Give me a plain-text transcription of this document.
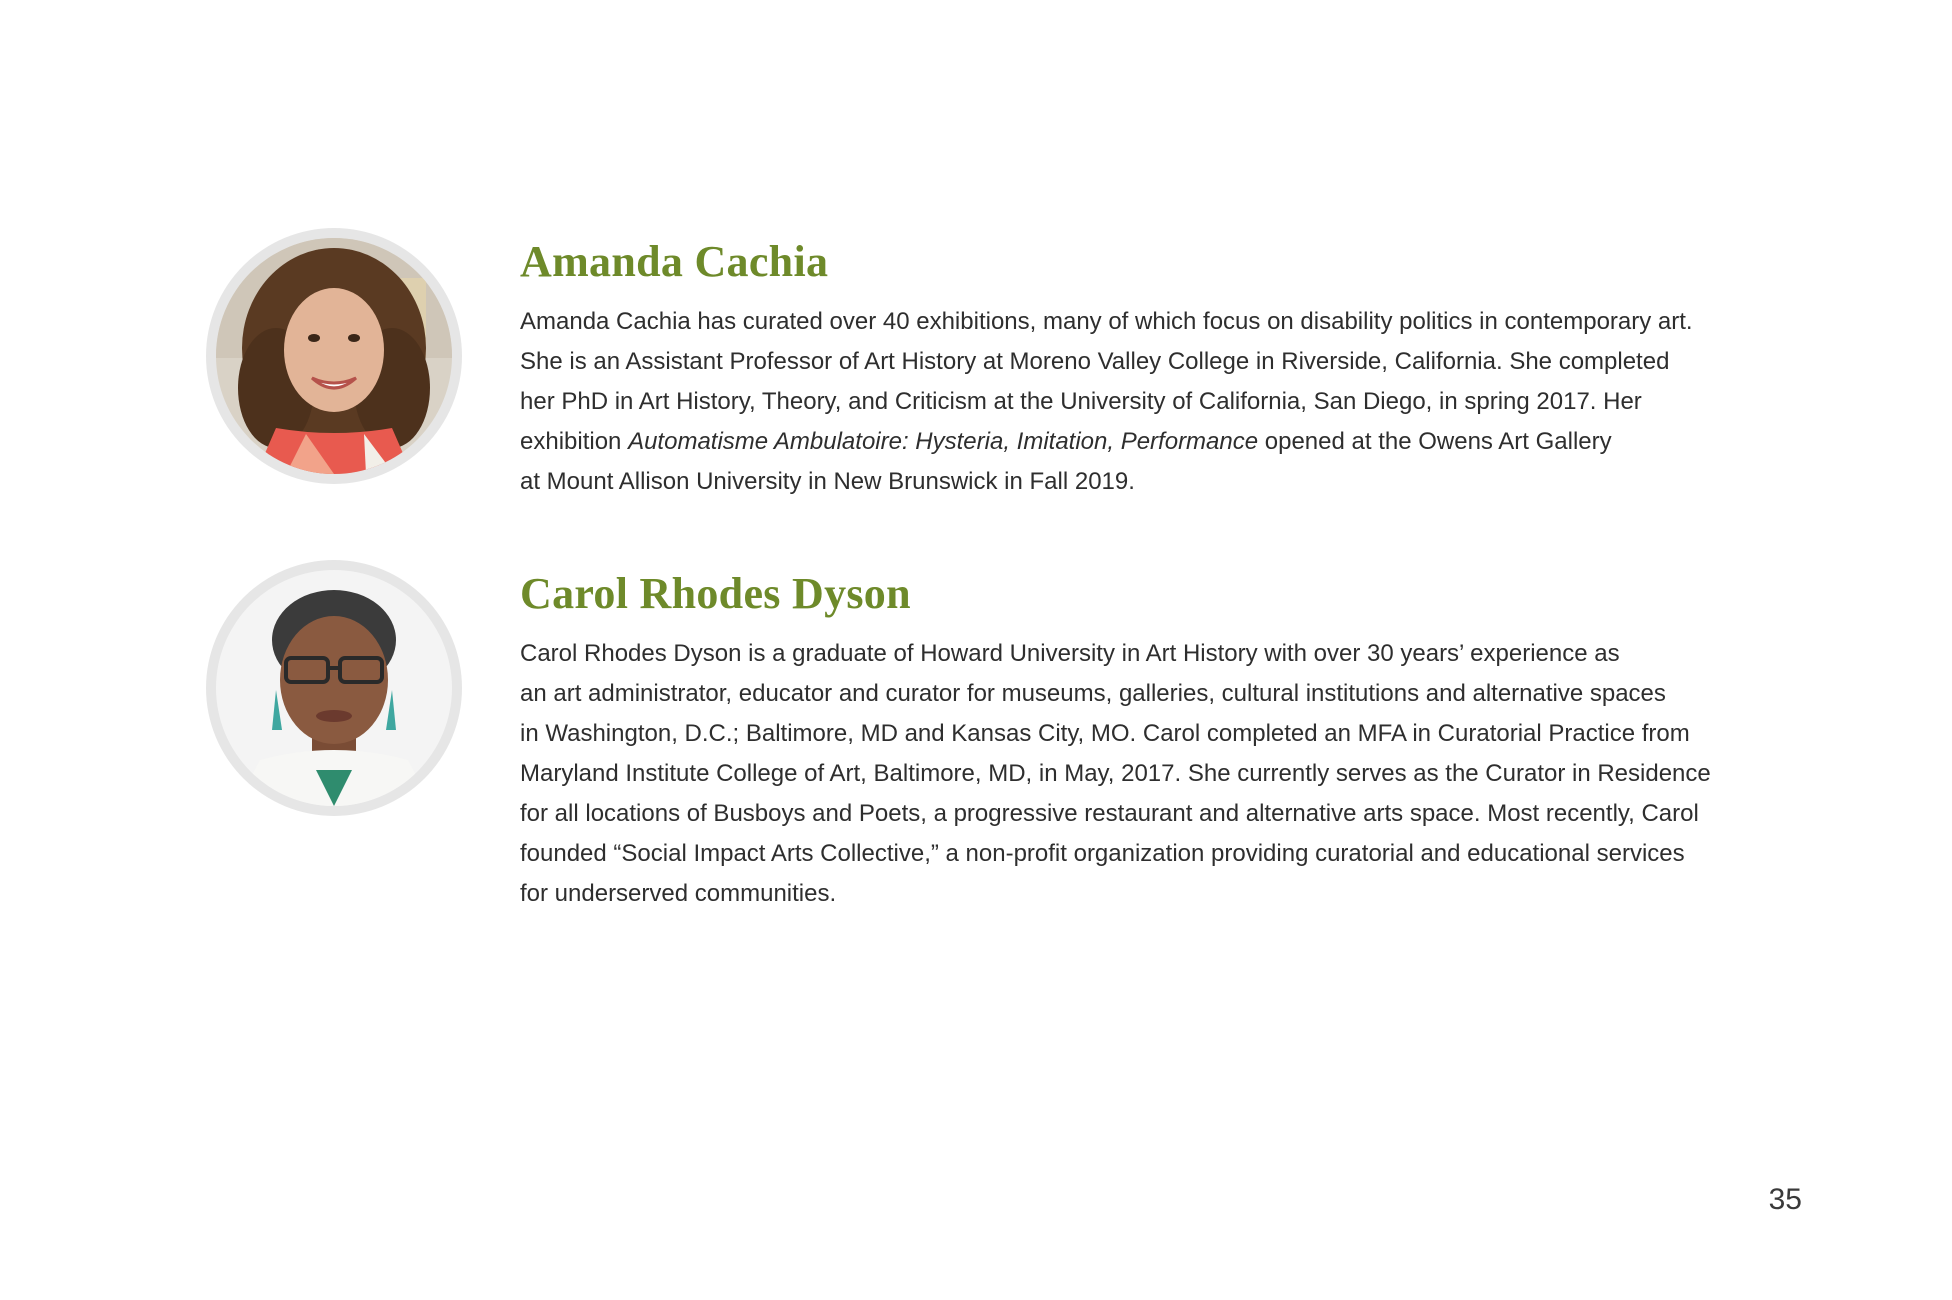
Amanda Cachia

Amanda Cachia has curated over 40 exhibitions, many of which focus on disability politics in contemporary art.
She is an Assistant Professor of Art History at Moreno Valley College in Riverside, California. She completed
her PhD in Art History, Theory, and Criticism at the University of California, San Diego, in spring 2017. Her
exhibition Automatisme Ambulatoire: Hysteria, Imitation, Performance opened at the Owens Art Gallery
at Mount Allison University in New Brunswick in Fall 2019.

Carol Rhodes Dyson

Carol Rhodes Dyson is a graduate of Howard University in Art History with over 30 years’ experience as
an art administrator, educator and curator for museums, galleries, cultural institutions and alternative spaces
in Washington, D.C.; Baltimore, MD and Kansas City, MO. Carol completed an MFA in Curatorial Practice from
Maryland Institute College of Art, Baltimore, MD, in May, 2017. She currently serves as the Curator in Residence
for all locations of Busboys and Poets, a progressive restaurant and alternative arts space. Most recently, Carol
founded “Social Impact Arts Collective,” a non-profit organization providing curatorial and educational services
for underserved communities.

35
